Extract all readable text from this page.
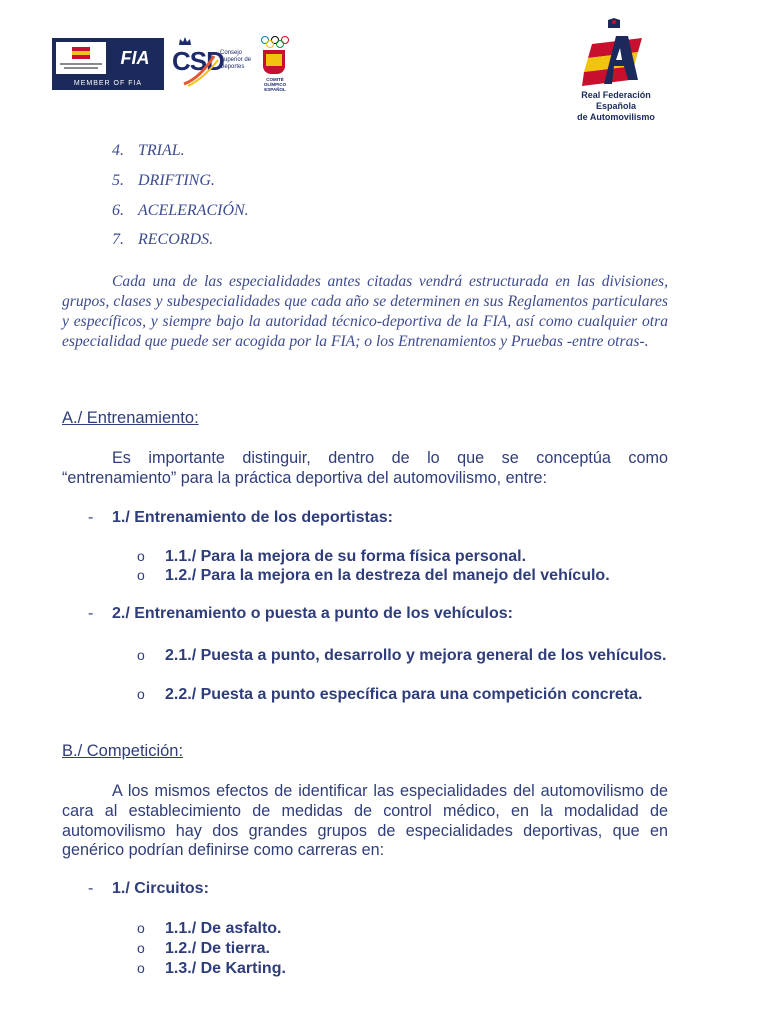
FIA
MEMBER OF FIA
CSD
Consejo Superior de Deportes
COMITÉ OLÍMPICO ESPAÑOL
Real Federación Española
de Automovilismo
4. TRIAL.
5. DRIFTING.
6. ACELERACIÓN.
7. RECORDS.
Cada una de las especialidades antes citadas vendrá estructurada en las divisiones, grupos, clases y subespecialidades que cada año se determinen en sus Reglamentos particulares y específicos, y siempre bajo la autoridad técnico-deportiva de la FIA, así como cualquier otra especialidad que puede ser acogida por la FIA; o los Entrenamientos y Pruebas -entre otras-.
A./ Entrenamiento:
Es importante distinguir, dentro de lo que se conceptúa como “entrenamiento” para la práctica deportiva del automovilismo, entre:
- 1./ Entrenamiento de los deportistas:
o 1.1./ Para la mejora de su forma física personal.
o 1.2./ Para la mejora en la destreza del manejo del vehículo.
- 2./ Entrenamiento o puesta a punto de los vehículos:
o 2.1./ Puesta a punto, desarrollo y mejora general de los vehículos.
o 2.2./ Puesta a punto específica para una competición concreta.
B./ Competición:
A los mismos efectos de identificar las especialidades del automovilismo de cara al establecimiento de medidas de control médico, en la modalidad de automovilismo hay dos grandes grupos de especialidades deportivas, que en genérico podrían definirse como carreras en:
- 1./ Circuitos:
o 1.1./ De asfalto.
o 1.2./ De tierra.
o 1.3./ De Karting.
